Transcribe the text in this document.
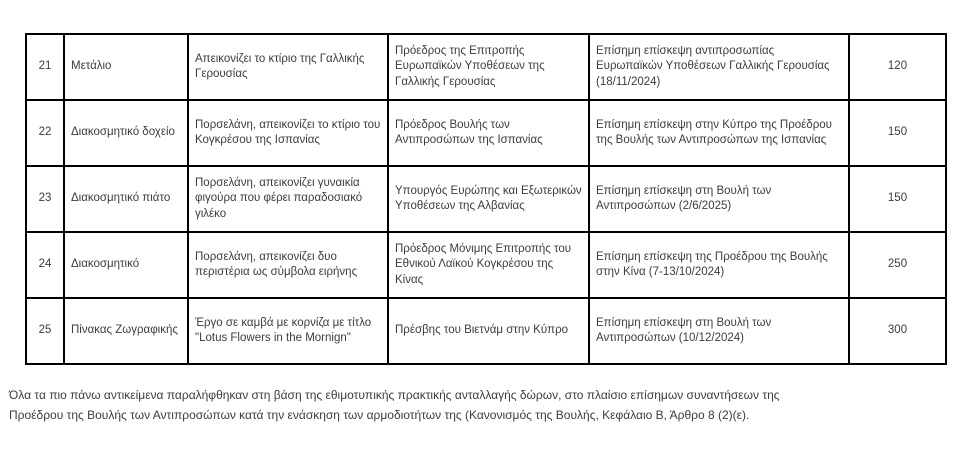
21	Μετάλιο	Απεικονίζει το κτίριο της Γαλλικής Γερουσίας	Πρόεδρος της Επιτροπής Ευρωπαϊκών Υποθέσεων της Γαλλικής Γερουσίας	Επίσημη επίσκεψη αντιπροσωπίας Ευρωπαϊκών Υποθέσεων Γαλλικής Γερουσίας (18/11/2024)	120
22	Διακοσμητικό δοχείο	Πορσελάνη, απεικονίζει το κτίριο του Κογκρέσου της Ισπανίας	Πρόεδρος Βουλής των Αντιπροσώπων της Ισπανίας	Επίσημη επίσκεψη στην Κύπρο της Προέδρου της Βουλής των Αντιπροσώπων της Ισπανίας	150
23	Διακοσμητικό πιάτο	Πορσελάνη, απεικονίζει γυναικία φιγούρα που φέρει παραδοσιακό γιλέκο	Υπουργός Ευρώπης και Εξωτερικών Υποθέσεων της Αλβανίας	Επίσημη επίσκεψη στη Βουλή των Αντιπροσώπων (2/6/2025)	150
24	Διακοσμητικό	Πορσελάνη, απεικονίζει δυο περιστέρια ως σύμβολα ειρήνης	Πρόεδρος Μόνιμης Επιτροπής του Εθνικού Λαϊκού Κογκρέσου της Κίνας	Επίσημη επίσκεψη της Προέδρου της Βουλής στην Κίνα (7-13/10/2024)	250
25	Πίνακας Ζωγραφικής	Έργο σε καμβά με κορνίζα με τίτλο "Lotus Flowers in the Mornign"	Πρέσβης του Βιετνάμ στην Κύπρο	Επίσημη επίσκεψη στη Βουλή των Αντιπροσώπων (10/12/2024)	300
Όλα τα πιο πάνω αντικείμενα παραλήφθηκαν στη βάση της εθιμοτυπικής πρακτικής ανταλλαγής δώρων, στο πλαίσιο επίσημων συναντήσεων της
Προέδρου της Βουλής των Αντιπροσώπων κατά την ενάσκηση των αρμοδιοτήτων της (Κανονισμός της Βουλής, Κεφάλαιο Β, Άρθρο 8 (2)(ε).
